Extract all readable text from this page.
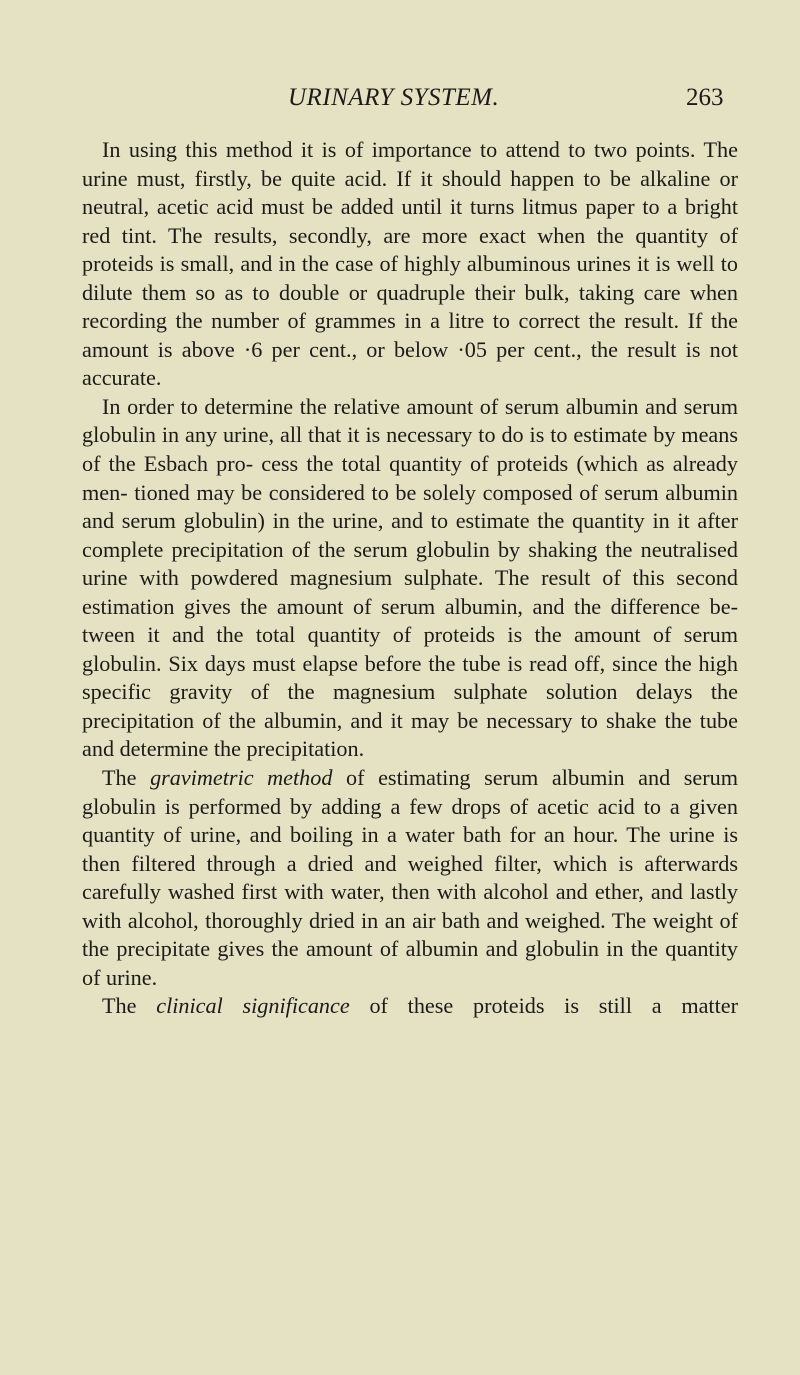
URINARY SYSTEM.	263

In using this method it is of importance to attend to two points. The urine must, firstly, be quite acid. If it should happen to be alkaline or neutral, acetic acid must be added until it turns litmus paper to a bright red tint. The results, secondly, are more exact when the quantity of proteids is small, and in the case of highly albuminous urines it is well to dilute them so as to double or quadruple their bulk, taking care when recording the number of grammes in a litre to correct the result. If the amount is above ·6 per cent., or below ·05 per cent., the result is not accurate.

In order to determine the relative amount of serum albumin and serum globulin in any urine, all that it is necessary to do is to estimate by means of the Esbach pro- cess the total quantity of proteids (which as already men- tioned may be considered to be solely composed of serum albumin and serum globulin) in the urine, and to estimate the quantity in it after complete precipitation of the serum globulin by shaking the neutralised urine with powdered magnesium sulphate. The result of this second estimation gives the amount of serum albumin, and the difference be- tween it and the total quantity of proteids is the amount of serum globulin. Six days must elapse before the tube is read off, since the high specific gravity of the magnesium sulphate solution delays the precipitation of the albumin, and it may be necessary to shake the tube and determine the precipitation.

The gravimetric method of estimating serum albumin and serum globulin is performed by adding a few drops of acetic acid to a given quantity of urine, and boiling in a water bath for an hour. The urine is then filtered through a dried and weighed filter, which is afterwards carefully washed first with water, then with alcohol and ether, and lastly with alcohol, thoroughly dried in an air bath and weighed. The weight of the precipitate gives the amount of albumin and globulin in the quantity of urine.

The clinical significance of these proteids is still a matter
